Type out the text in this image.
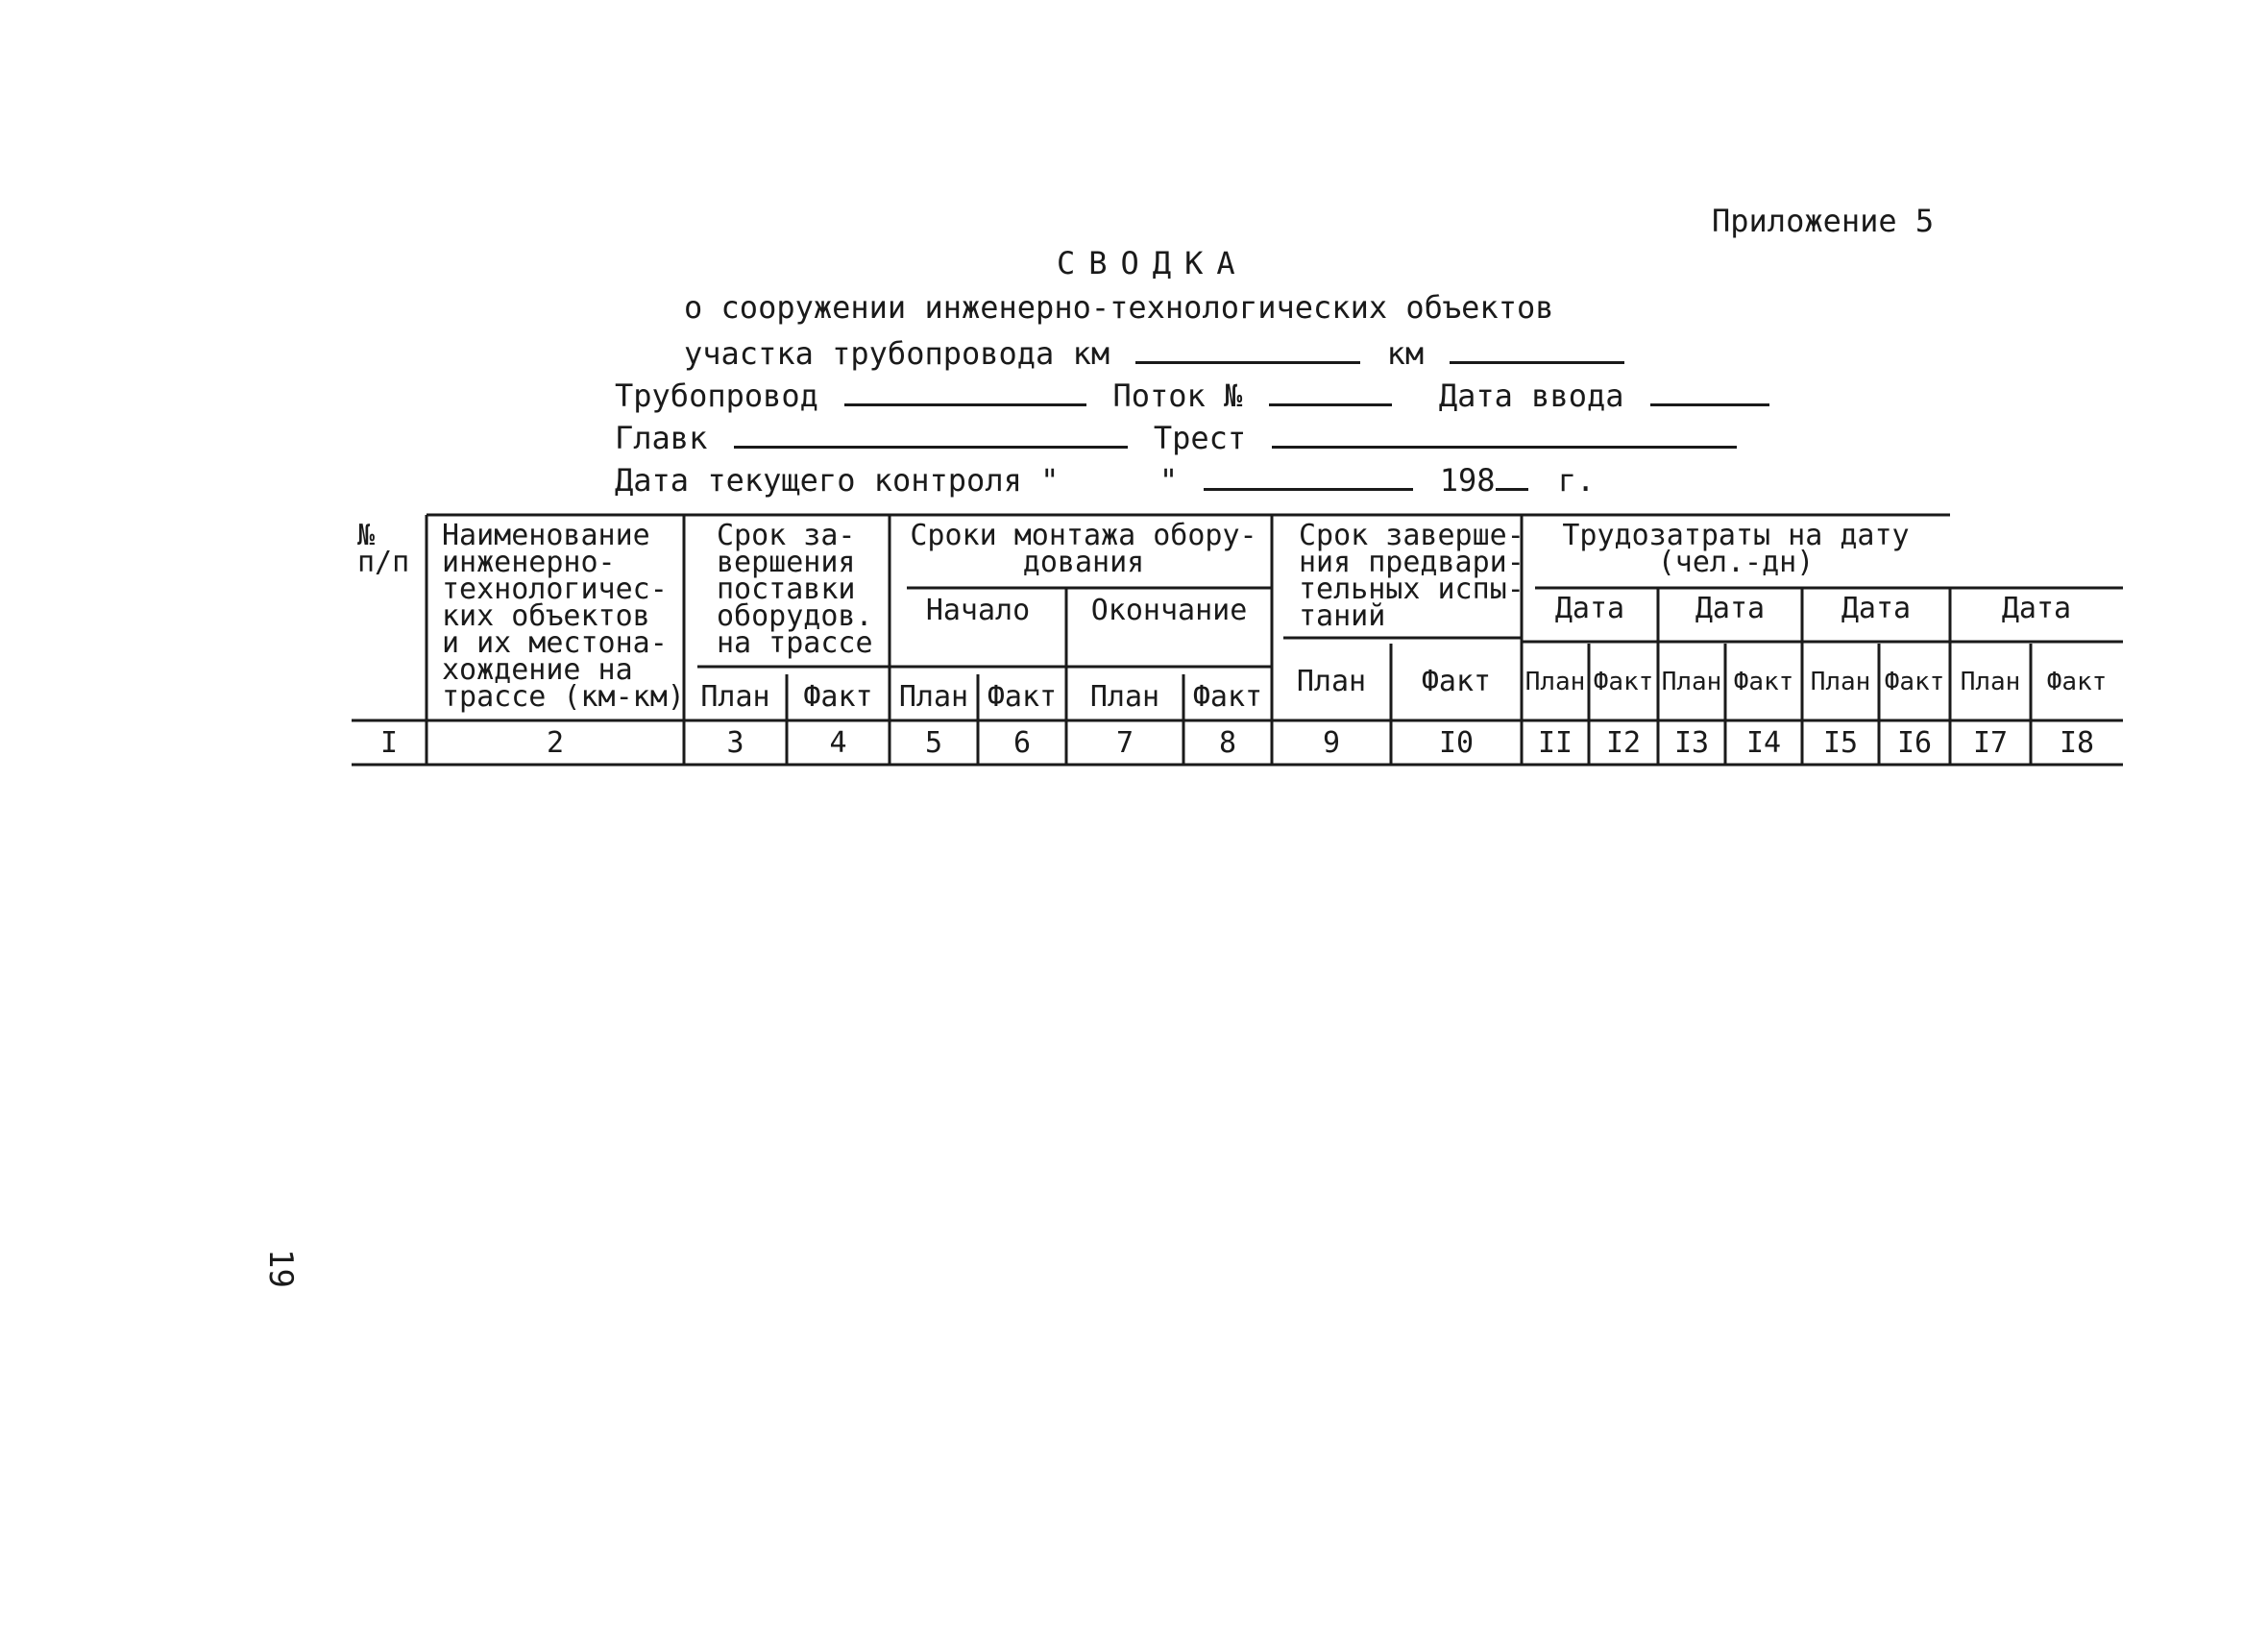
Приложение 5
СВОДКА
о сооружении инженерно-технологических объектов
участка трубопровода км	км
Трубопровод	Поток №	Дата ввода
Главк	Трест
Дата текущего контроля "	"	198 г.
№
п/п
Наименование
инженерно-
технологичес-
ких объектов
и их местона-
хождение на
трассе (км-км)
Срок за-
вершения
поставки
оборудов.
на трассе
Сроки монтажа обору-
дования
Начало	Окончание
Срок заверше-
ния предвари-
тельных испы-
таний
Трудозатраты на дату
(чел.-дн)
Дата	Дата	Дата	Дата
План	Факт План Факт	План	Факт	План	Факт	План Факт План Факт План Факт План	Факт
I	2	3	4	5	6	7	8	9	I0	II	I2	I3	I4	I5	I6	I7	I8
19
